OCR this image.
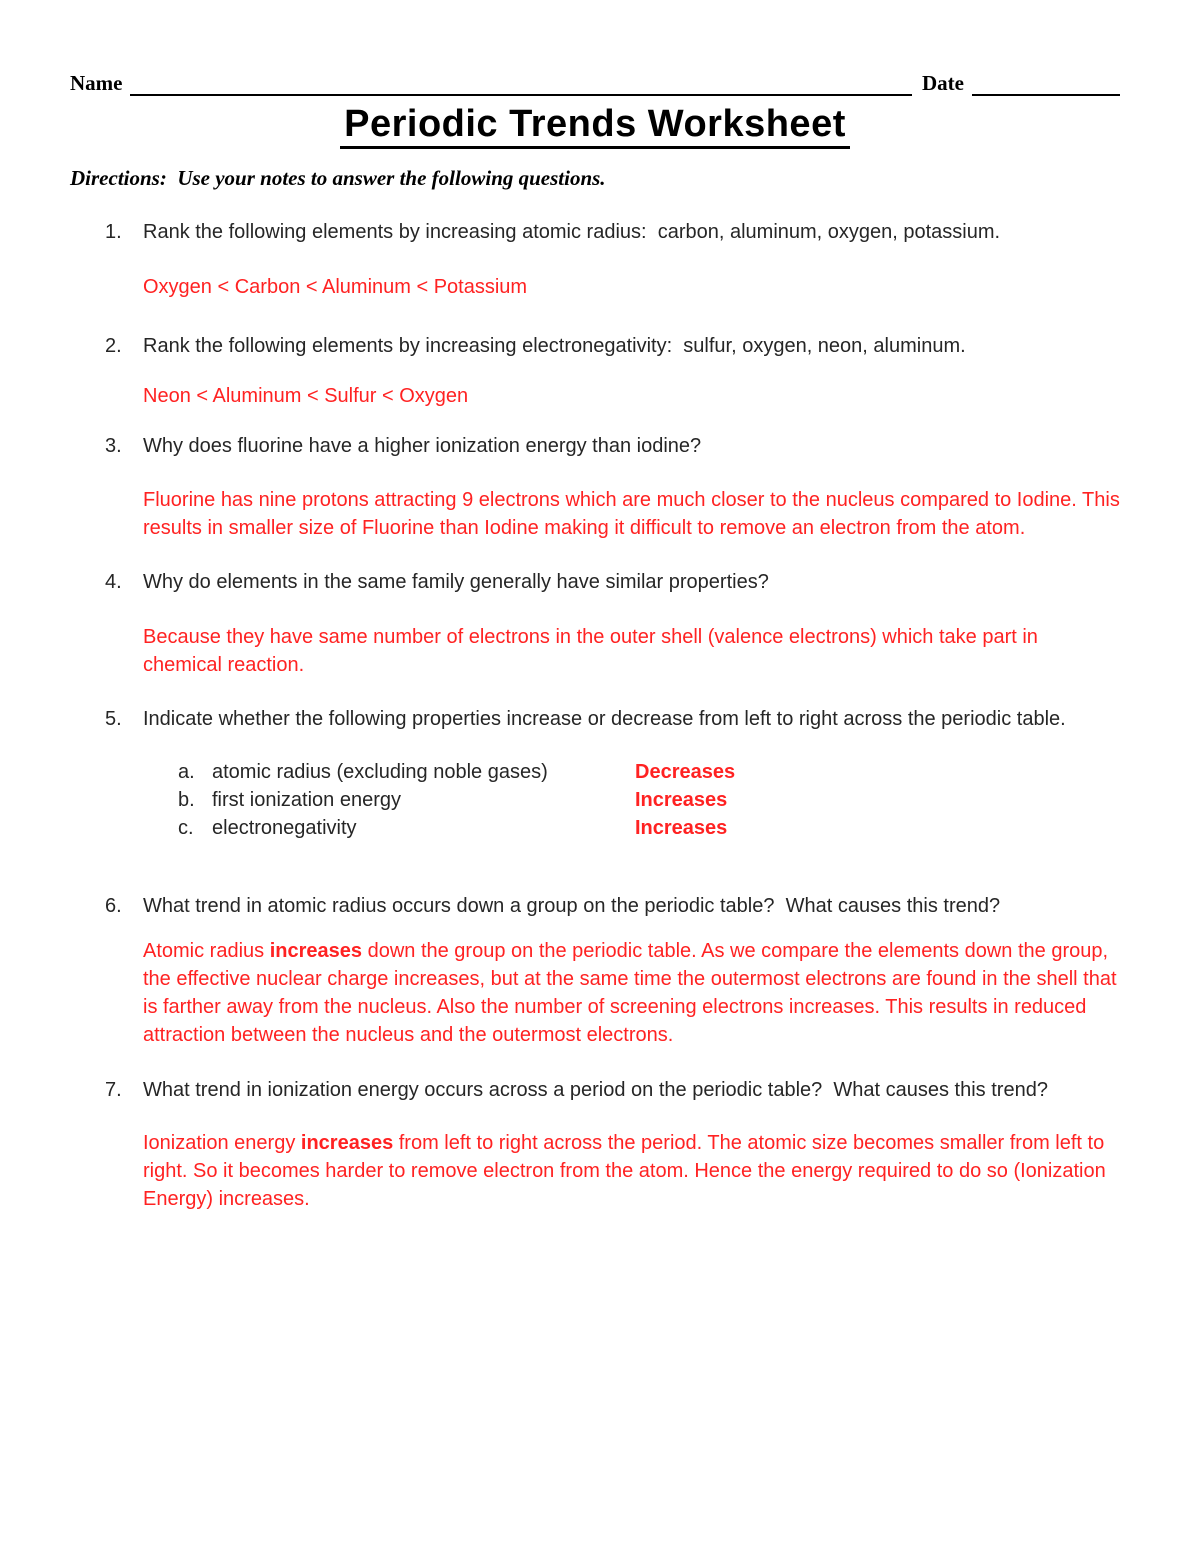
Name	Date
Periodic Trends Worksheet

Directions:  Use your notes to answer the following questions.

1.	Rank the following elements by increasing atomic radius:  carbon, aluminum, oxygen, potassium.

Oxygen < Carbon < Aluminum < Potassium

2.	Rank the following elements by increasing electronegativity:  sulfur, oxygen, neon, aluminum.

Neon < Aluminum < Sulfur < Oxygen

3.	Why does fluorine have a higher ionization energy than iodine?

Fluorine has nine protons attracting 9 electrons which are much closer to the nucleus compared to Iodine. This results in smaller size of Fluorine than Iodine making it difficult to remove an electron from the atom.

4.	Why do elements in the same family generally have similar properties?

Because they have same number of electrons in the outer shell (valence electrons) which take part in chemical reaction.

5.	Indicate whether the following properties increase or decrease from left to right across the periodic table.
a. atomic radius (excluding noble gases)	Decreases
b. first ionization energy	Increases
c. electronegativity	Increases
6.	What trend in atomic radius occurs down a group on the periodic table?  What causes this trend?

Atomic radius increases down the group on the periodic table. As we compare the elements down the group, the effective nuclear charge increases, but at the same time the outermost electrons are found in the shell that is farther away from the nucleus. Also the number of screening electrons increases. This results in reduced attraction between the nucleus and the outermost electrons.

7.	What trend in ionization energy occurs across a period on the periodic table?  What causes this trend?

Ionization energy increases from left to right across the period. The atomic size becomes smaller from left to right. So it becomes harder to remove electron from the atom. Hence the energy required to do so (Ionization Energy) increases.
